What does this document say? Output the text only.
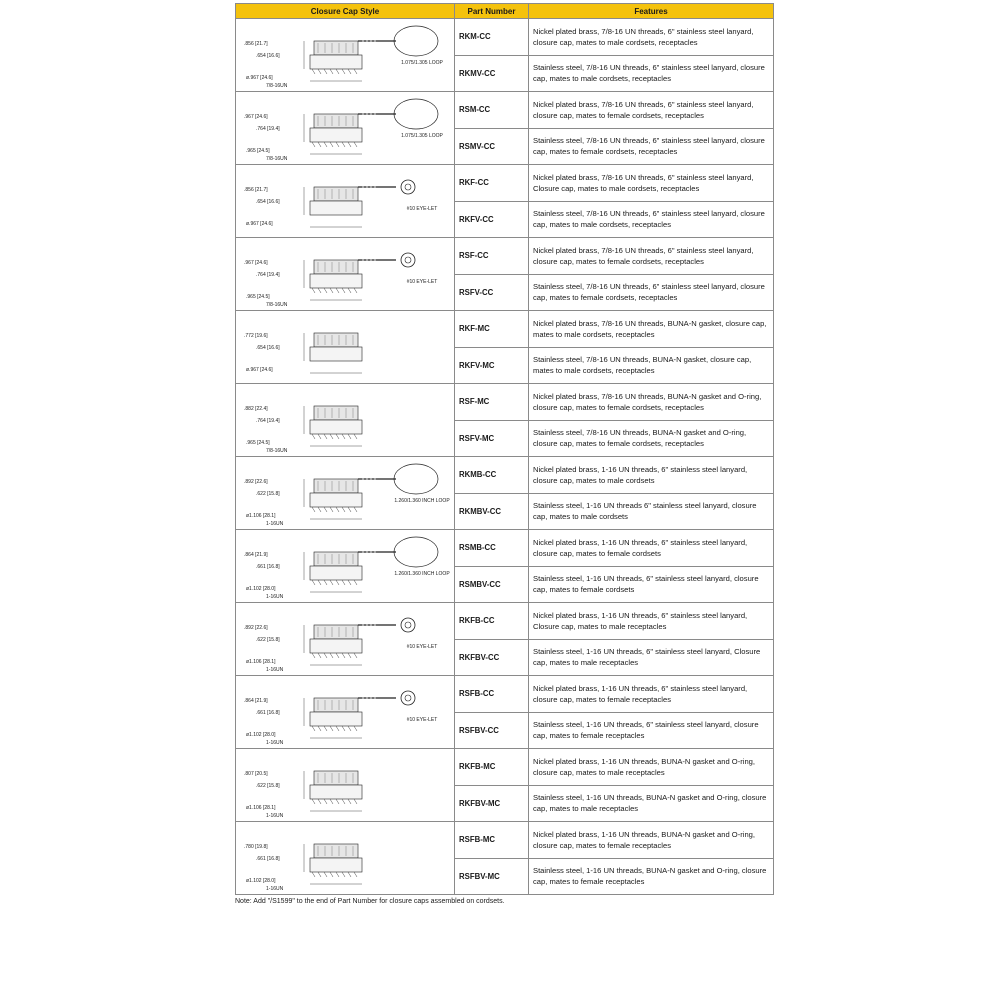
Closure Cap Style	Part Number	Features

.856 [21.7]
.654 [16.6]
ø.967 [24.6]
7/8-16UN
1.075/1.305 LOOP	RKM-CC	Nickel plated brass, 7/8-16 UN threads, 6" stainless steel lanyard, closure cap, mates to male cordsets, receptacles
	RKMV-CC	Stainless steel, 7/8-16 UN threads, 6" stainless steel lanyard, closure cap, mates to male cordsets, receptacles

.967 [24.6]
.764 [19.4]
.965 [24.5]
7/8-16UN
1.075/1.305 LOOP	RSM-CC	Nickel plated brass, 7/8-16 UN threads, 6" stainless steel lanyard, closure cap, mates to female cordsets, receptacles
	RSMV-CC	Stainless steel, 7/8-16 UN threads, 6" stainless steel lanyard, closure cap, mates to female cordsets, receptacles

.856 [21.7]
.654 [16.6]
ø.967 [24.6]
#10 EYE-LET	RKF-CC	Nickel plated brass, 7/8-16 UN threads, 6" stainless steel lanyard, Closure cap, mates to male cordsets, receptacles
	RKFV-CC	Stainless steel, 7/8-16 UN threads, 6" stainless steel lanyard, closure cap, mates to male cordsets, receptacles

.967 [24.6]
.764 [19.4]
.965 [24.5]
7/8-16UN
#10 EYE-LET	RSF-CC	Nickel plated brass, 7/8-16 UN threads, 6" stainless steel lanyard, closure cap, mates to female cordsets, receptacles
	RSFV-CC	Stainless steel, 7/8-16 UN threads, 6" stainless steel lanyard, closure cap, mates to female cordsets, receptacles

.772 [19.6]
.654 [16.6]
ø.967 [24.6]	RKF-MC	Nickel plated brass, 7/8-16 UN threads, BUNA-N gasket, closure cap, mates to male cordsets, receptacles
	RKFV-MC	Stainless steel, 7/8-16 UN threads, BUNA-N gasket, closure cap, mates to male cordsets, receptacles

.882 [22.4]
.764 [19.4]
.965 [24.5]
7/8-16UN	RSF-MC	Nickel plated brass, 7/8-16 UN threads, BUNA-N gasket and O-ring, closure cap, mates to female cordsets, receptacles
	RSFV-MC	Stainless steel, 7/8-16 UN threads, BUNA-N gasket and O-ring, closure cap, mates to female cordsets, receptacles

.892 [22.6]
.622 [15.8]
ø1.106 [28.1]
1-16UN
1.260/1.360 INCH LOOP	RKMB-CC	Nickel plated brass, 1-16 UN threads, 6" stainless steel lanyard, closure cap, mates to male cordsets
	RKMBV-CC	Stainless steel, 1-16 UN threads 6" stainless steel lanyard, closure cap, mates to male cordsets

.864 [21.9]
.661 [16.8]
ø1.102 [28.0]
1-16UN
1.260/1.360 INCH LOOP	RSMB-CC	Nickel plated brass, 1-16 UN threads, 6" stainless steel lanyard, closure cap, mates to female cordsets
	RSMBV-CC	Stainless steel, 1-16 UN threads, 6" stainless steel lanyard, closure cap, mates to female cordsets

.892 [22.6]
.622 [15.8]
ø1.106 [28.1]
1-16UN
#10 EYE-LET	RKFB-CC	Nickel plated brass, 1-16 UN threads, 6" stainless steel lanyard, Closure cap, mates to male receptacles
	RKFBV-CC	Stainless steel, 1-16 UN threads, 6" stainless steel lanyard, Closure cap, mates to male receptacles

.864 [21.9]
.661 [16.8]
ø1.102 [28.0]
1-16UN
#10 EYE-LET	RSFB-CC	Nickel plated brass, 1-16 UN threads, 6" stainless steel lanyard, closure cap, mates to female receptacles
	RSFBV-CC	Stainless steel, 1-16 UN threads, 6" stainless steel lanyard, closure cap, mates to female receptacles

.807 [20.5]
.622 [15.8]
ø1.106 [28.1]
1-16UN	RKFB-MC	Nickel plated brass, 1-16 UN threads, BUNA-N gasket and O-ring, closure cap, mates to male receptacles
	RKFBV-MC	Stainless steel, 1-16 UN threads, BUNA-N gasket and O-ring, closure cap, mates to male receptacles

.780 [19.8]
.661 [16.8]
ø1.102 [28.0]
1-16UN	RSFB-MC	Nickel plated brass, 1-16 UN threads, BUNA-N gasket and O-ring, closure cap, mates to female receptacles
	RSFBV-MC	Stainless steel, 1-16 UN threads, BUNA-N gasket and O-ring, closure cap, mates to female receptacles
Note: Add "/S1599" to the end of Part Number for closure caps assembled on cordsets.
